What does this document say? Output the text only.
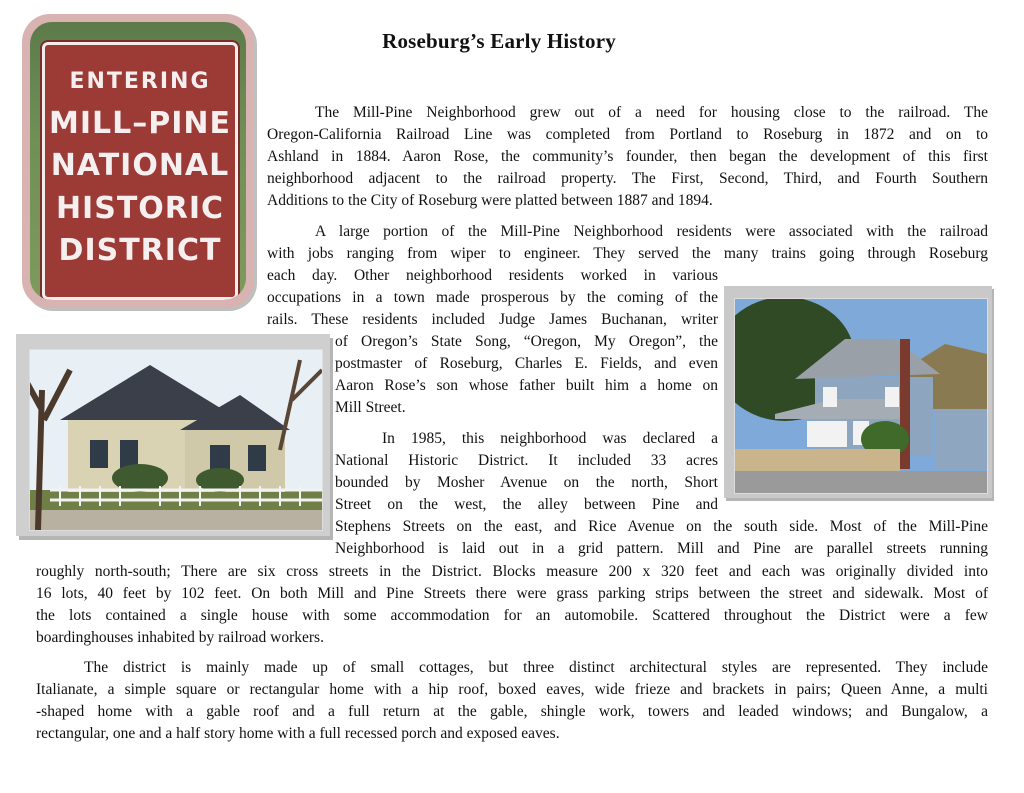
Roseburg’s Early History
ENTERING
MILL–PINE
NATIONAL
HISTORIC
DISTRICT
The Mill-Pine Neighborhood grew out of a need for housing close to the railroad. The
Oregon-California Railroad Line was completed from Portland to Roseburg in 1872 and on to
Ashland in 1884. Aaron Rose, the community’s founder, then began the development of this first
neighborhood adjacent to the railroad property. The First, Second, Third, and Fourth Southern
Additions to the City of Roseburg were platted between 1887 and 1894.
A large portion of the Mill-Pine Neighborhood residents were associated with the railroad
with jobs ranging from wiper to engineer. They served the many trains going through Roseburg
each day. Other neighborhood residents worked in various
occupations in a town made prosperous by the coming of the
rails. These residents included Judge James Buchanan, writer
of Oregon’s State Song, “Oregon, My Oregon”, the
postmaster of Roseburg, Charles E. Fields, and even
Aaron Rose’s son whose father built him a home on
Mill Street.
In 1985, this neighborhood was declared a
National Historic District. It included 33 acres
bounded by Mosher Avenue on the north, Short
Street on the west, the alley between Pine and
Stephens Streets on the east, and Rice Avenue on the south side. Most of the Mill-Pine
Neighborhood is laid out in a grid pattern. Mill and Pine are parallel streets running
roughly north-south; There are six cross streets in the District. Blocks measure 200 x 320 feet and each was originally divided into
16 lots, 40 feet by 102 feet. On both Mill and Pine Streets there were grass parking strips between the street and sidewalk. Most of
the lots contained a single house with some accommodation for an automobile. Scattered throughout the District were a few
boardinghouses inhabited by railroad workers.
The district is mainly made up of small cottages, but three distinct architectural styles are represented. They include
Italianate, a simple square or rectangular home with a hip roof, boxed eaves, wide frieze and brackets in pairs; Queen Anne, a multi
-shaped home with a gable roof and a full return at the gable, shingle work, towers and leaded windows; and Bungalow, a
rectangular, one and a half story home with a full recessed porch and exposed eaves.
